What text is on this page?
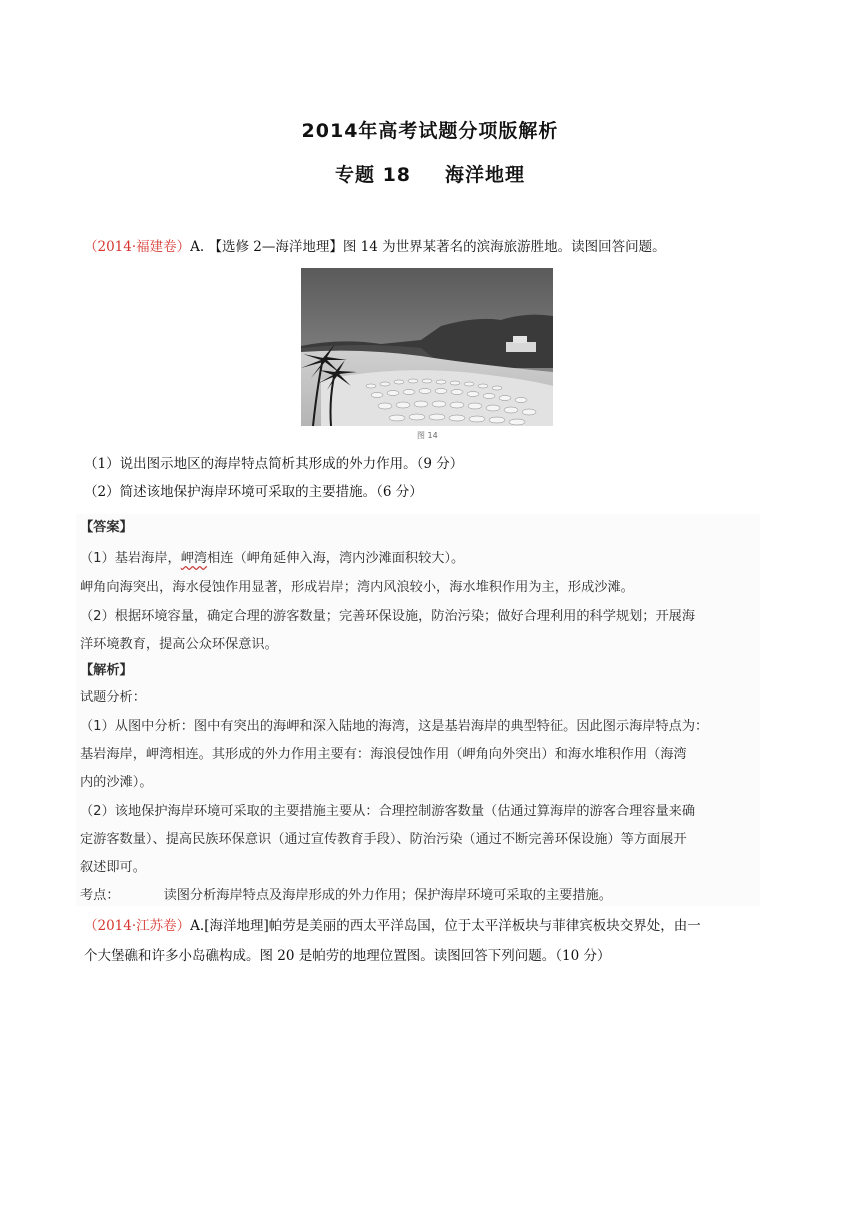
2014年高考试题分项版解析
专题 18 海洋地理
（2014·福建卷）A. 【选修 2—海洋地理】图 14 为世界某著名的滨海旅游胜地。读图回答问题。
图 14
（1）说出图示地区的海岸特点简析其形成的外力作用。（9 分）
（2）简述该地保护海岸环境可采取的主要措施。（6 分）
【答案】
（1）基岩海岸，岬湾相连（岬角延伸入海，湾内沙滩面积较大）。
岬角向海突出，海水侵蚀作用显著，形成岩岸；湾内风浪较小，海水堆积作用为主，形成沙滩。
（2）根据环境容量，确定合理的游客数量；完善环保设施，防治污染；做好合理利用的科学规划；开展海
洋环境教育，提高公众环保意识。
【解析】
试题分析：
（1）从图中分析：图中有突出的海岬和深入陆地的海湾，这是基岩海岸的典型特征。因此图示海岸特点为：
基岩海岸，岬湾相连。其形成的外力作用主要有：海浪侵蚀作用（岬角向外突出）和海水堆积作用（海湾
内的沙滩）。
（2）该地保护海岸环境可采取的主要措施主要从：合理控制游客数量（估通过算海岸的游客合理容量来确
定游客数量）、提高民族环保意识（通过宣传教育手段）、防治污染（通过不断完善环保设施）等方面展开
叙述即可。
考点：	读图分析海岸特点及海岸形成的外力作用；保护海岸环境可采取的主要措施。
（2014·江苏卷）A.[海洋地理]帕劳是美丽的西太平洋岛国，位于太平洋板块与菲律宾板块交界处，由一
个大堡礁和许多小岛礁构成。图 20 是帕劳的地理位置图。读图回答下列问题。（10 分）
